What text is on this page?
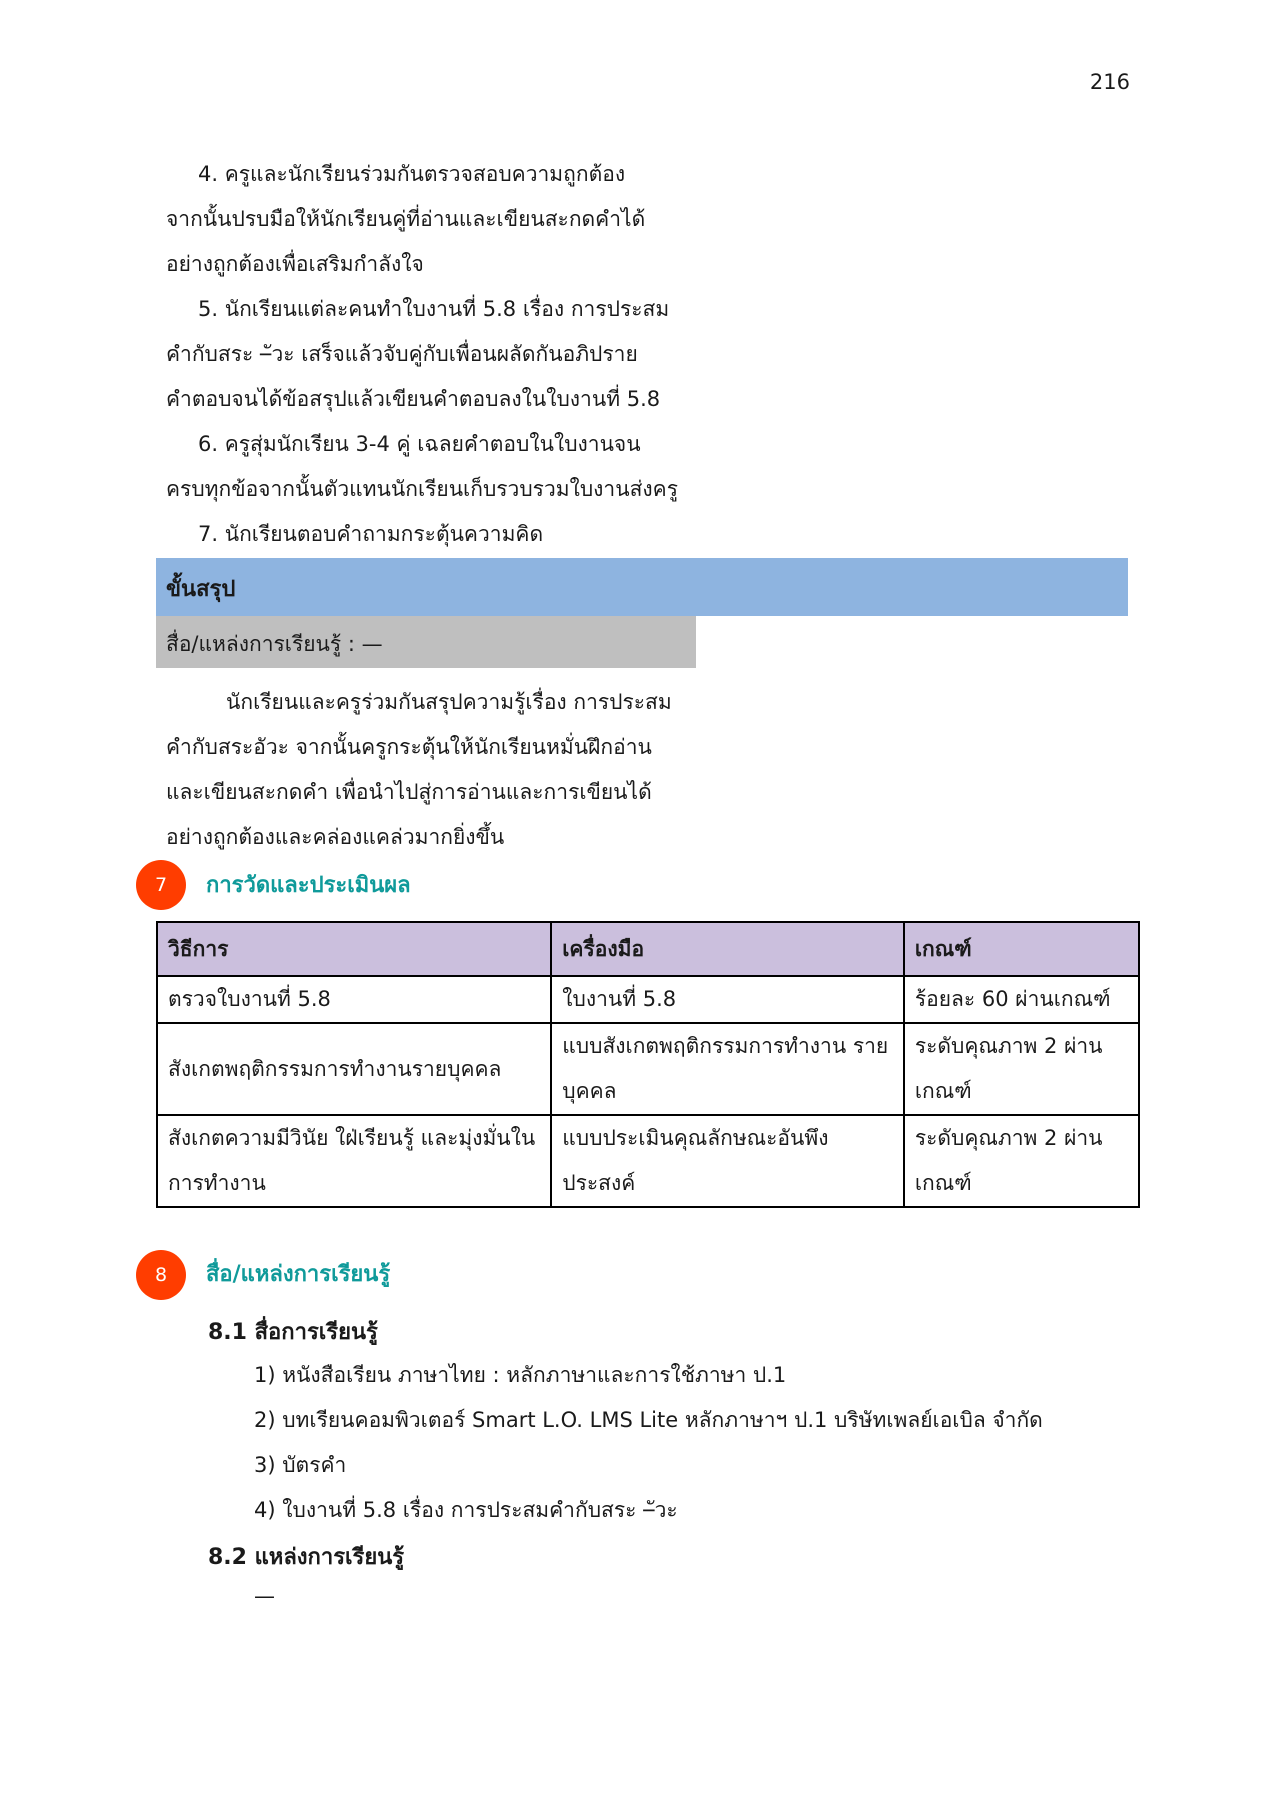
216
4. ครูและนักเรียนร่วมกันตรวจสอบความถูกต้อง
จากนั้นปรบมือให้นักเรียนคู่ที่อ่านและเขียนสะกดคำได้
อย่างถูกต้องเพื่อเสริมกำลังใจ
5. นักเรียนแต่ละคนทำใบงานที่ 5.8 เรื่อง การประสม
คำกับสระ –ัวะ เสร็จแล้วจับคู่กับเพื่อนผลัดกันอภิปราย
คำตอบจนได้ข้อสรุปแล้วเขียนคำตอบลงในใบงานที่ 5.8
6. ครูสุ่มนักเรียน 3-4 คู่ เฉลยคำตอบในใบงานจน
ครบทุกข้อจากนั้นตัวแทนนักเรียนเก็บรวบรวมใบงานส่งครู
7. นักเรียนตอบคำถามกระตุ้นความคิด
ขั้นสรุป
สื่อ/แหล่งการเรียนรู้ : —
นักเรียนและครูร่วมกันสรุปความรู้เรื่อง การประสม
คำกับสระอัวะ จากนั้นครูกระตุ้นให้นักเรียนหมั่นฝึกอ่าน
และเขียนสะกดคำ เพื่อนำไปสู่การอ่านและการเขียนได้
อย่างถูกต้องและคล่องแคล่วมากยิ่งขึ้น
7	การวัดและประเมินผล
วิธีการ	เครื่องมือ	เกณฑ์
ตรวจใบงานที่ 5.8	ใบงานที่ 5.8	ร้อยละ 60 ผ่านเกณฑ์
สังเกตพฤติกรรมการทำงานรายบุคคล	แบบสังเกตพฤติกรรมการทำงาน รายบุคคล	ระดับคุณภาพ 2 ผ่าน เกณฑ์
สังเกตความมีวินัย ใฝ่เรียนรู้ และมุ่งมั่นในการทำงาน	แบบประเมินคุณลักษณะอันพึง ประสงค์	ระดับคุณภาพ 2 ผ่าน เกณฑ์
8	สื่อ/แหล่งการเรียนรู้
8.1 สื่อการเรียนรู้
1) หนังสือเรียน ภาษาไทย : หลักภาษาและการใช้ภาษา ป.1
2) บทเรียนคอมพิวเตอร์ Smart L.O. LMS Lite หลักภาษาฯ ป.1 บริษัทเพลย์เอเบิล จำกัด
3) บัตรคำ
4) ใบงานที่ 5.8 เรื่อง การประสมคำกับสระ –ัวะ
8.2 แหล่งการเรียนรู้
—
